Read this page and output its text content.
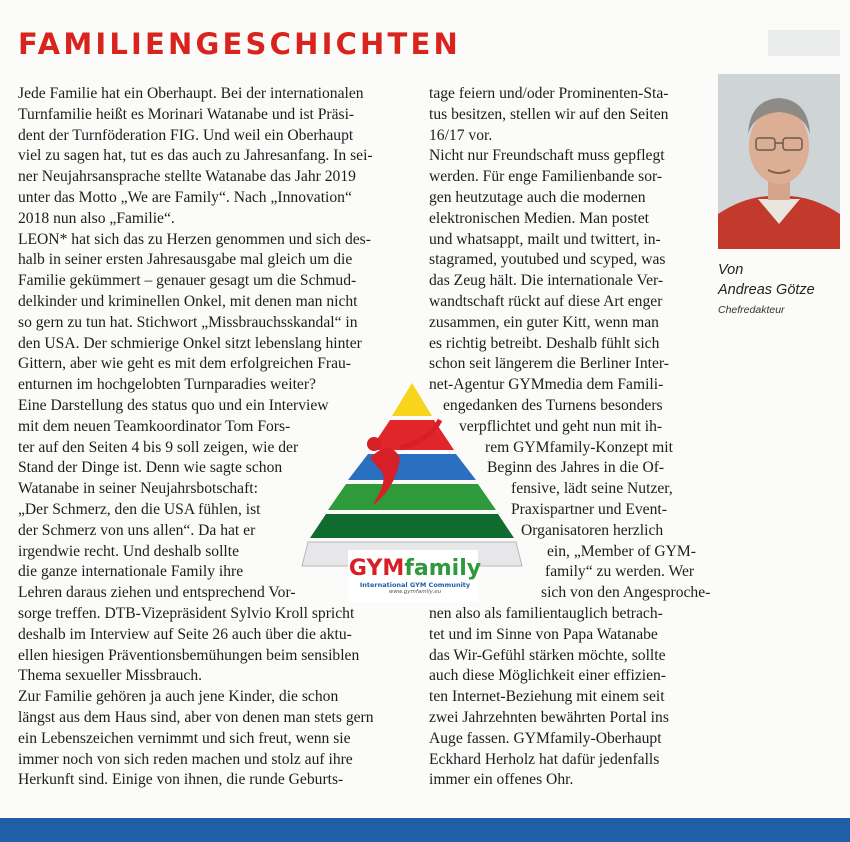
FAMILIENGESCHICHTEN
Jede Familie hat ein Oberhaupt. Bei der internationalen
Turnfamilie heißt es Morinari Watanabe und ist Präsi-
dent der Turnföderation FIG. Und weil ein Oberhaupt
viel zu sagen hat, tut es das auch zu Jahresanfang. In sei-
ner Neujahrsansprache stellte Watanabe das Jahr 2019
unter das Motto „We are Family“. Nach „Innovation“
2018 nun also „Familie“.
LEON* hat sich das zu Herzen genommen und sich des-
halb in seiner ersten Jahresausgabe mal gleich um die
Familie gekümmert – genauer gesagt um die Schmud-
delkinder und kriminellen Onkel, mit denen man nicht
so gern zu tun hat. Stichwort „Missbrauchsskandal“ in
den USA. Der schmierige Onkel sitzt lebenslang hinter
Gittern, aber wie geht es mit dem erfolgreichen Frau-
enturnen im hochgelobten Turnparadies weiter?
Eine Darstellung des status quo und ein Interview
mit dem neuen Teamkoordinator Tom Fors-
ter auf den Seiten 4 bis 9 soll zeigen, wie der
Stand der Dinge ist. Denn wie sagte schon
Watanabe in seiner Neujahrsbotschaft:
„Der Schmerz, den die USA fühlen, ist
der Schmerz von uns allen“. Da hat er
irgendwie recht. Und deshalb sollte
die ganze internationale Family ihre
Lehren daraus ziehen und entsprechend Vor-
sorge treffen. DTB-Vizepräsident Sylvio Kroll spricht
deshalb im Interview auf Seite 26 auch über die aktu-
ellen hiesigen Präventionsbemühungen beim sensiblen
Thema sexueller Missbrauch.
Zur Familie gehören ja auch jene Kinder, die schon
längst aus dem Haus sind, aber von denen man stets gern
ein Lebenszeichen vernimmt und sich freut, wenn sie
immer noch von sich reden machen und stolz auf ihre
Herkunft sind. Einige von ihnen, die runde Geburts-
tage feiern und/oder Prominenten-Sta-
tus besitzen, stellen wir auf den Seiten
16/17 vor.
Nicht nur Freundschaft muss gepflegt
werden. Für enge Familienbande sor-
gen heutzutage auch die modernen
elektronischen Medien. Man postet
und whatsappt, mailt und twittert, in-
stagramed, youtubed und scyped, was
das Zeug hält. Die internationale Ver-
wandtschaft rückt auf diese Art enger
zusammen, ein guter Kitt, wenn man
es richtig betreibt. Deshalb fühlt sich
schon seit längerem die Berliner Inter-
net-Agentur GYMmedia dem Famili-
engedanken des Turnens besonders
verpflichtet und geht nun mit ih-
rem GYMfamily-Konzept mit
Beginn des Jahres in die Of-
fensive, lädt seine Nutzer,
Praxispartner und Event-
Organisatoren herzlich
ein, „Member of GYM-
family“ zu werden. Wer
sich von den Angesproche-
nen also als familientauglich betrach-
tet und im Sinne von Papa Watanabe
das Wir-Gefühl stärken möchte, sollte
auch diese Möglichkeit einer effizien-
ten Internet-Beziehung mit einem seit
zwei Jahrzehnten bewährten Portal ins
Auge fassen. GYMfamily-Oberhaupt
Eckhard Herholz hat dafür jedenfalls
immer ein offenes Ohr.
Von
Andreas Götze
Chefredakteur
GYMfamily
International GYM Community
www.gymfamily.eu
